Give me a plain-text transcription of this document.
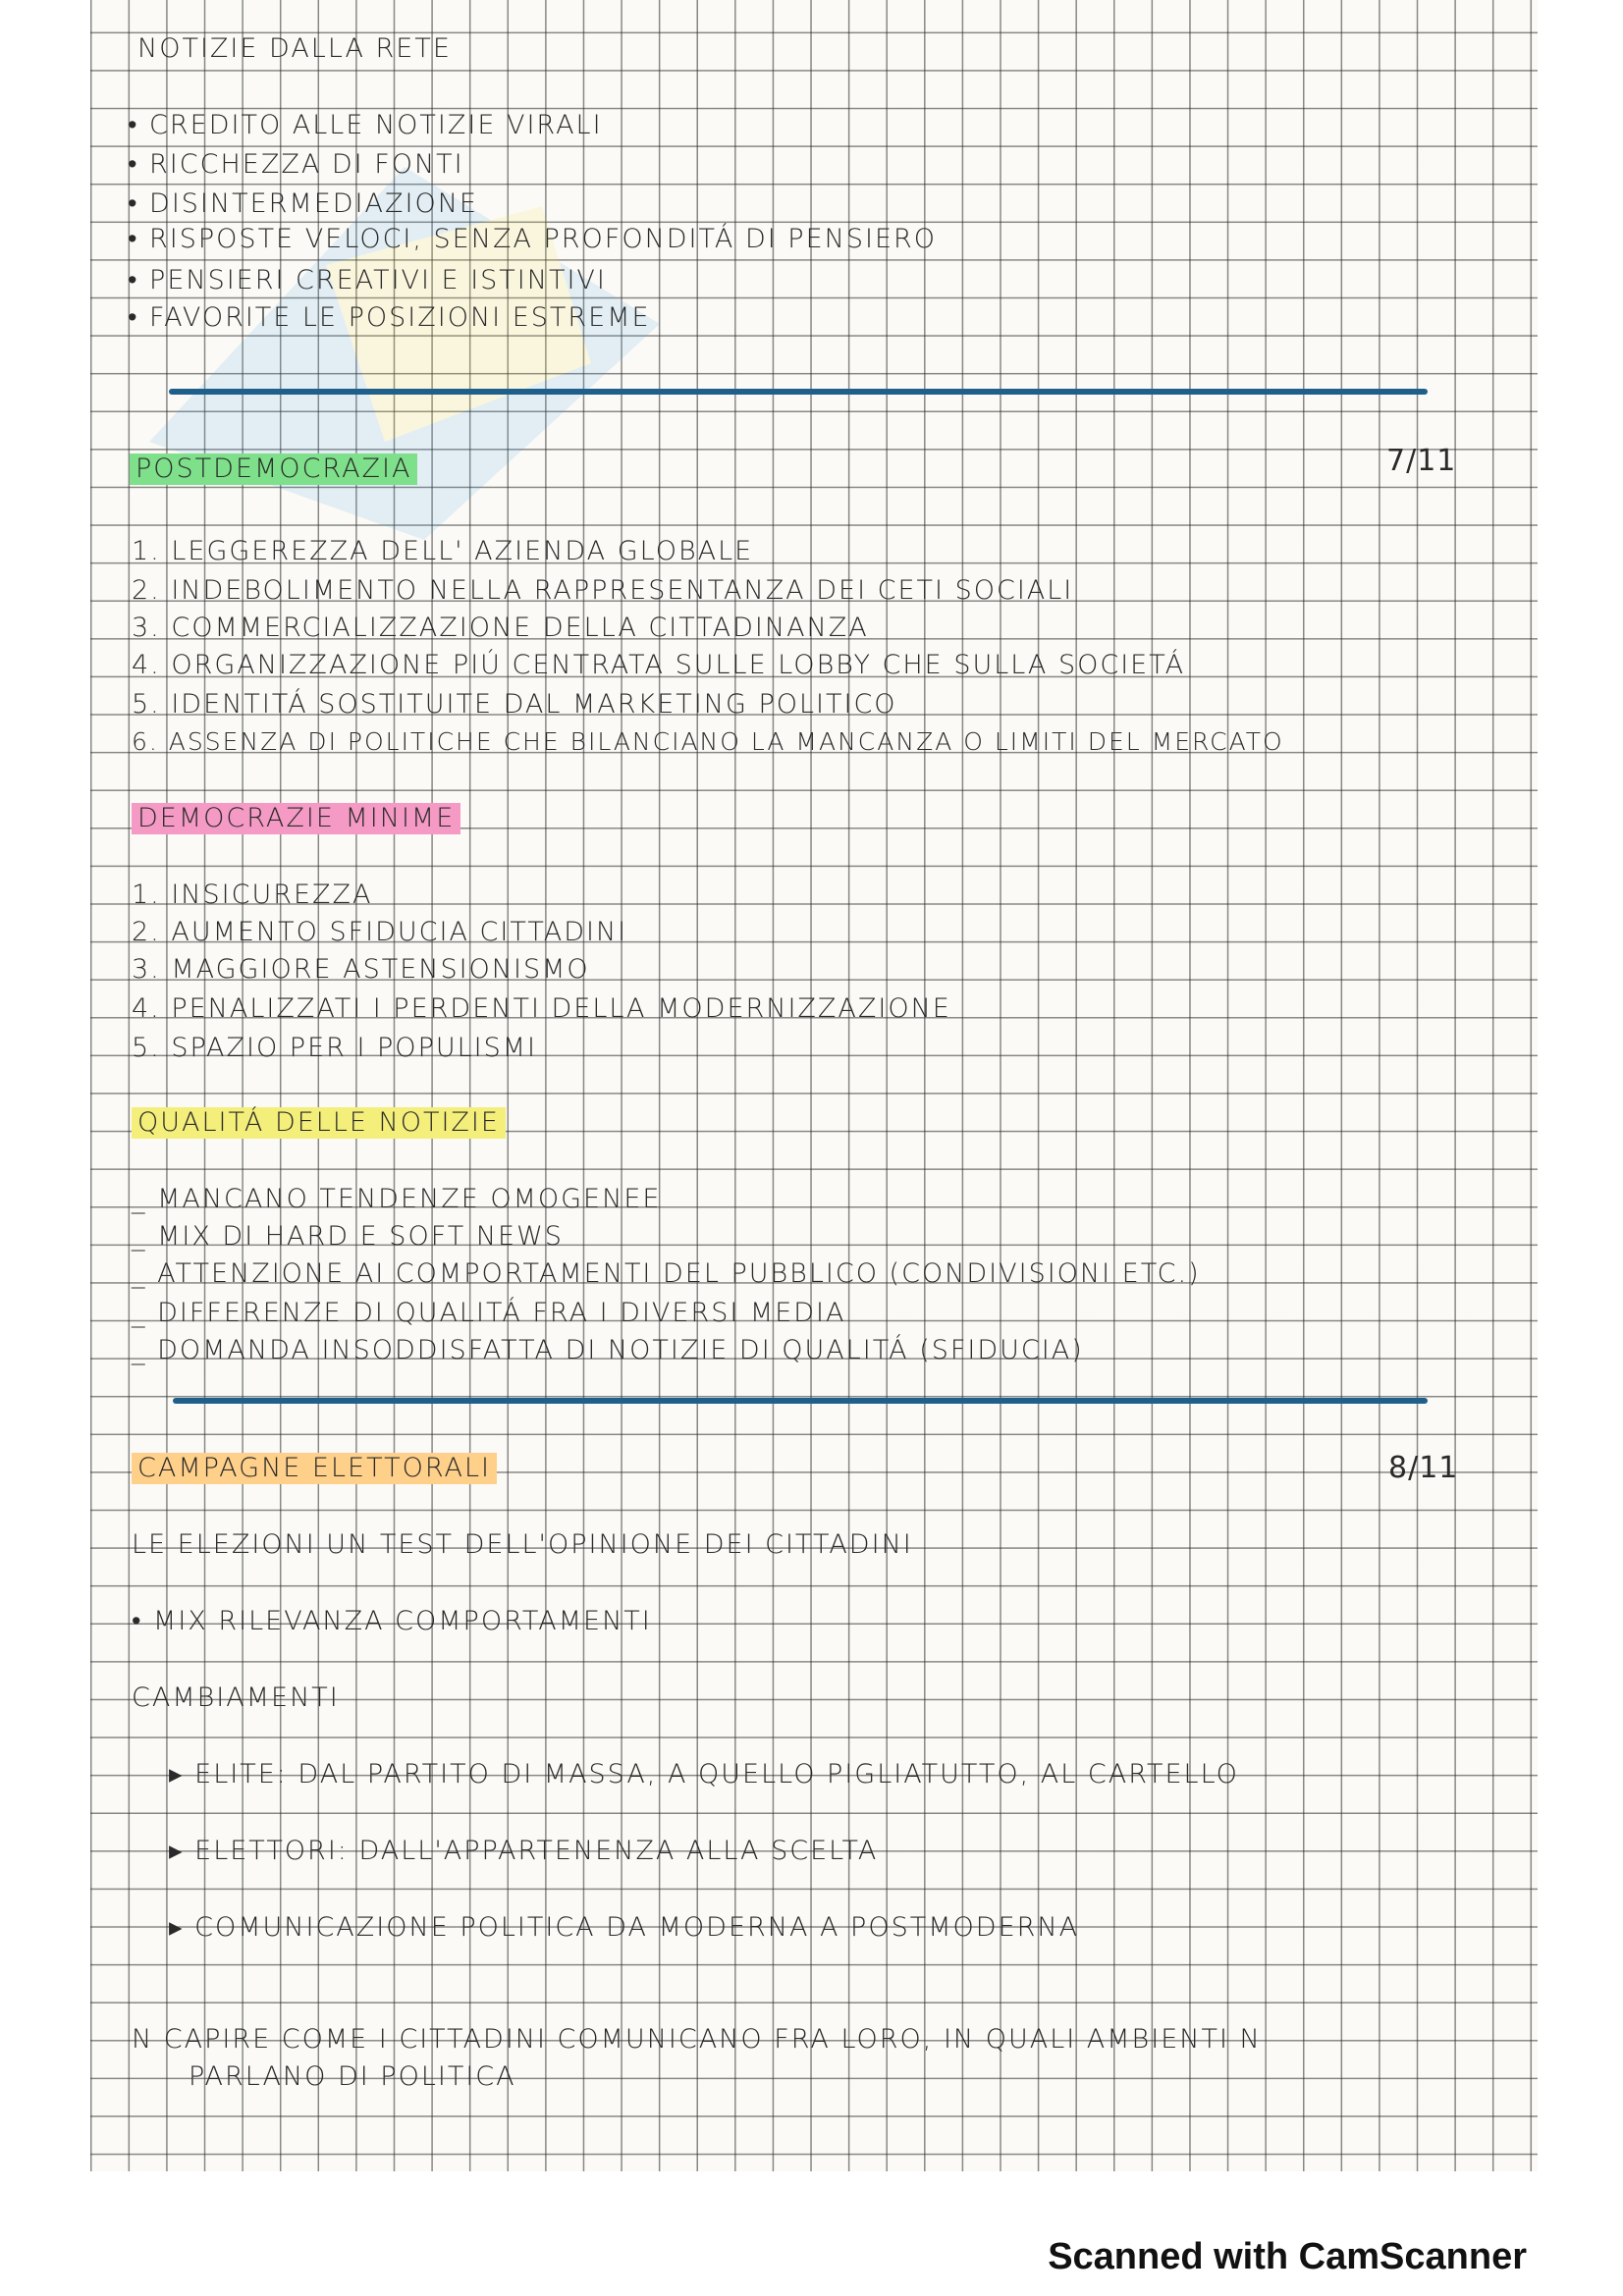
NOTIZIE DALLA RETE
• CREDITO ALLE NOTIZIE VIRALI
• RICCHEZZA DI FONTI
• DISINTERMEDIAZIONE
• RISPOSTE VELOCI, SENZA PROFONDITÁ DI PENSIERO
• PENSIERI CREATIVI E ISTINTIVI
• FAVORITE LE POSIZIONI ESTREME
POSTDEMOCRAZIA	7/11
1. LEGGEREZZA DELL' AZIENDA GLOBALE
2. INDEBOLIMENTO NELLA RAPPRESENTANZA DEI CETI SOCIALI
3. COMMERCIALIZZAZIONE DELLA CITTADINANZA
4. ORGANIZZAZIONE PIÚ CENTRATA SULLE LOBBY CHE SULLA SOCIETÁ
5. IDENTITÁ SOSTITUITE DAL MARKETING POLITICO
6. ASSENZA DI POLITICHE CHE BILANCIANO LA MANCANZA O LIMITI DEL MERCATO
DEMOCRAZIE MINIME
1. INSICUREZZA
2. AUMENTO SFIDUCIA CITTADINI
3. MAGGIORE ASTENSIONISMO
4. PENALIZZATI I PERDENTI DELLA MODERNIZZAZIONE
5. SPAZIO PER I POPULISMI
QUALITÁ DELLE NOTIZIE
_ MANCANO TENDENZE OMOGENEE
_ MIX DI HARD E SOFT NEWS
_ ATTENZIONE AI COMPORTAMENTI DEL PUBBLICO (CONDIVISIONI ETC.)
_ DIFFERENZE DI QUALITÁ FRA I DIVERSI MEDIA
_ DOMANDA INSODDISFATTA DI NOTIZIE DI QUALITÁ (SFIDUCIA)
CAMPAGNE ELETTORALI	8/11
LE ELEZIONI UN TEST DELL'OPINIONE DEI CITTADINI
• MIX RILEVANZA COMPORTAMENTI
CAMBIAMENTI
▸ ELITE: DAL PARTITO DI MASSA, A QUELLO PIGLIATUTTO, AL CARTELLO
▸ ELETTORI: DALL'APPARTENENZA ALLA SCELTA
▸ COMUNICAZIONE POLITICA DA MODERNA A POSTMODERNA
N CAPIRE COME I CITTADINI COMUNICANO FRA LORO, IN QUALI AMBIENTI N
PARLANO DI POLITICA
Scanned with CamScanner
